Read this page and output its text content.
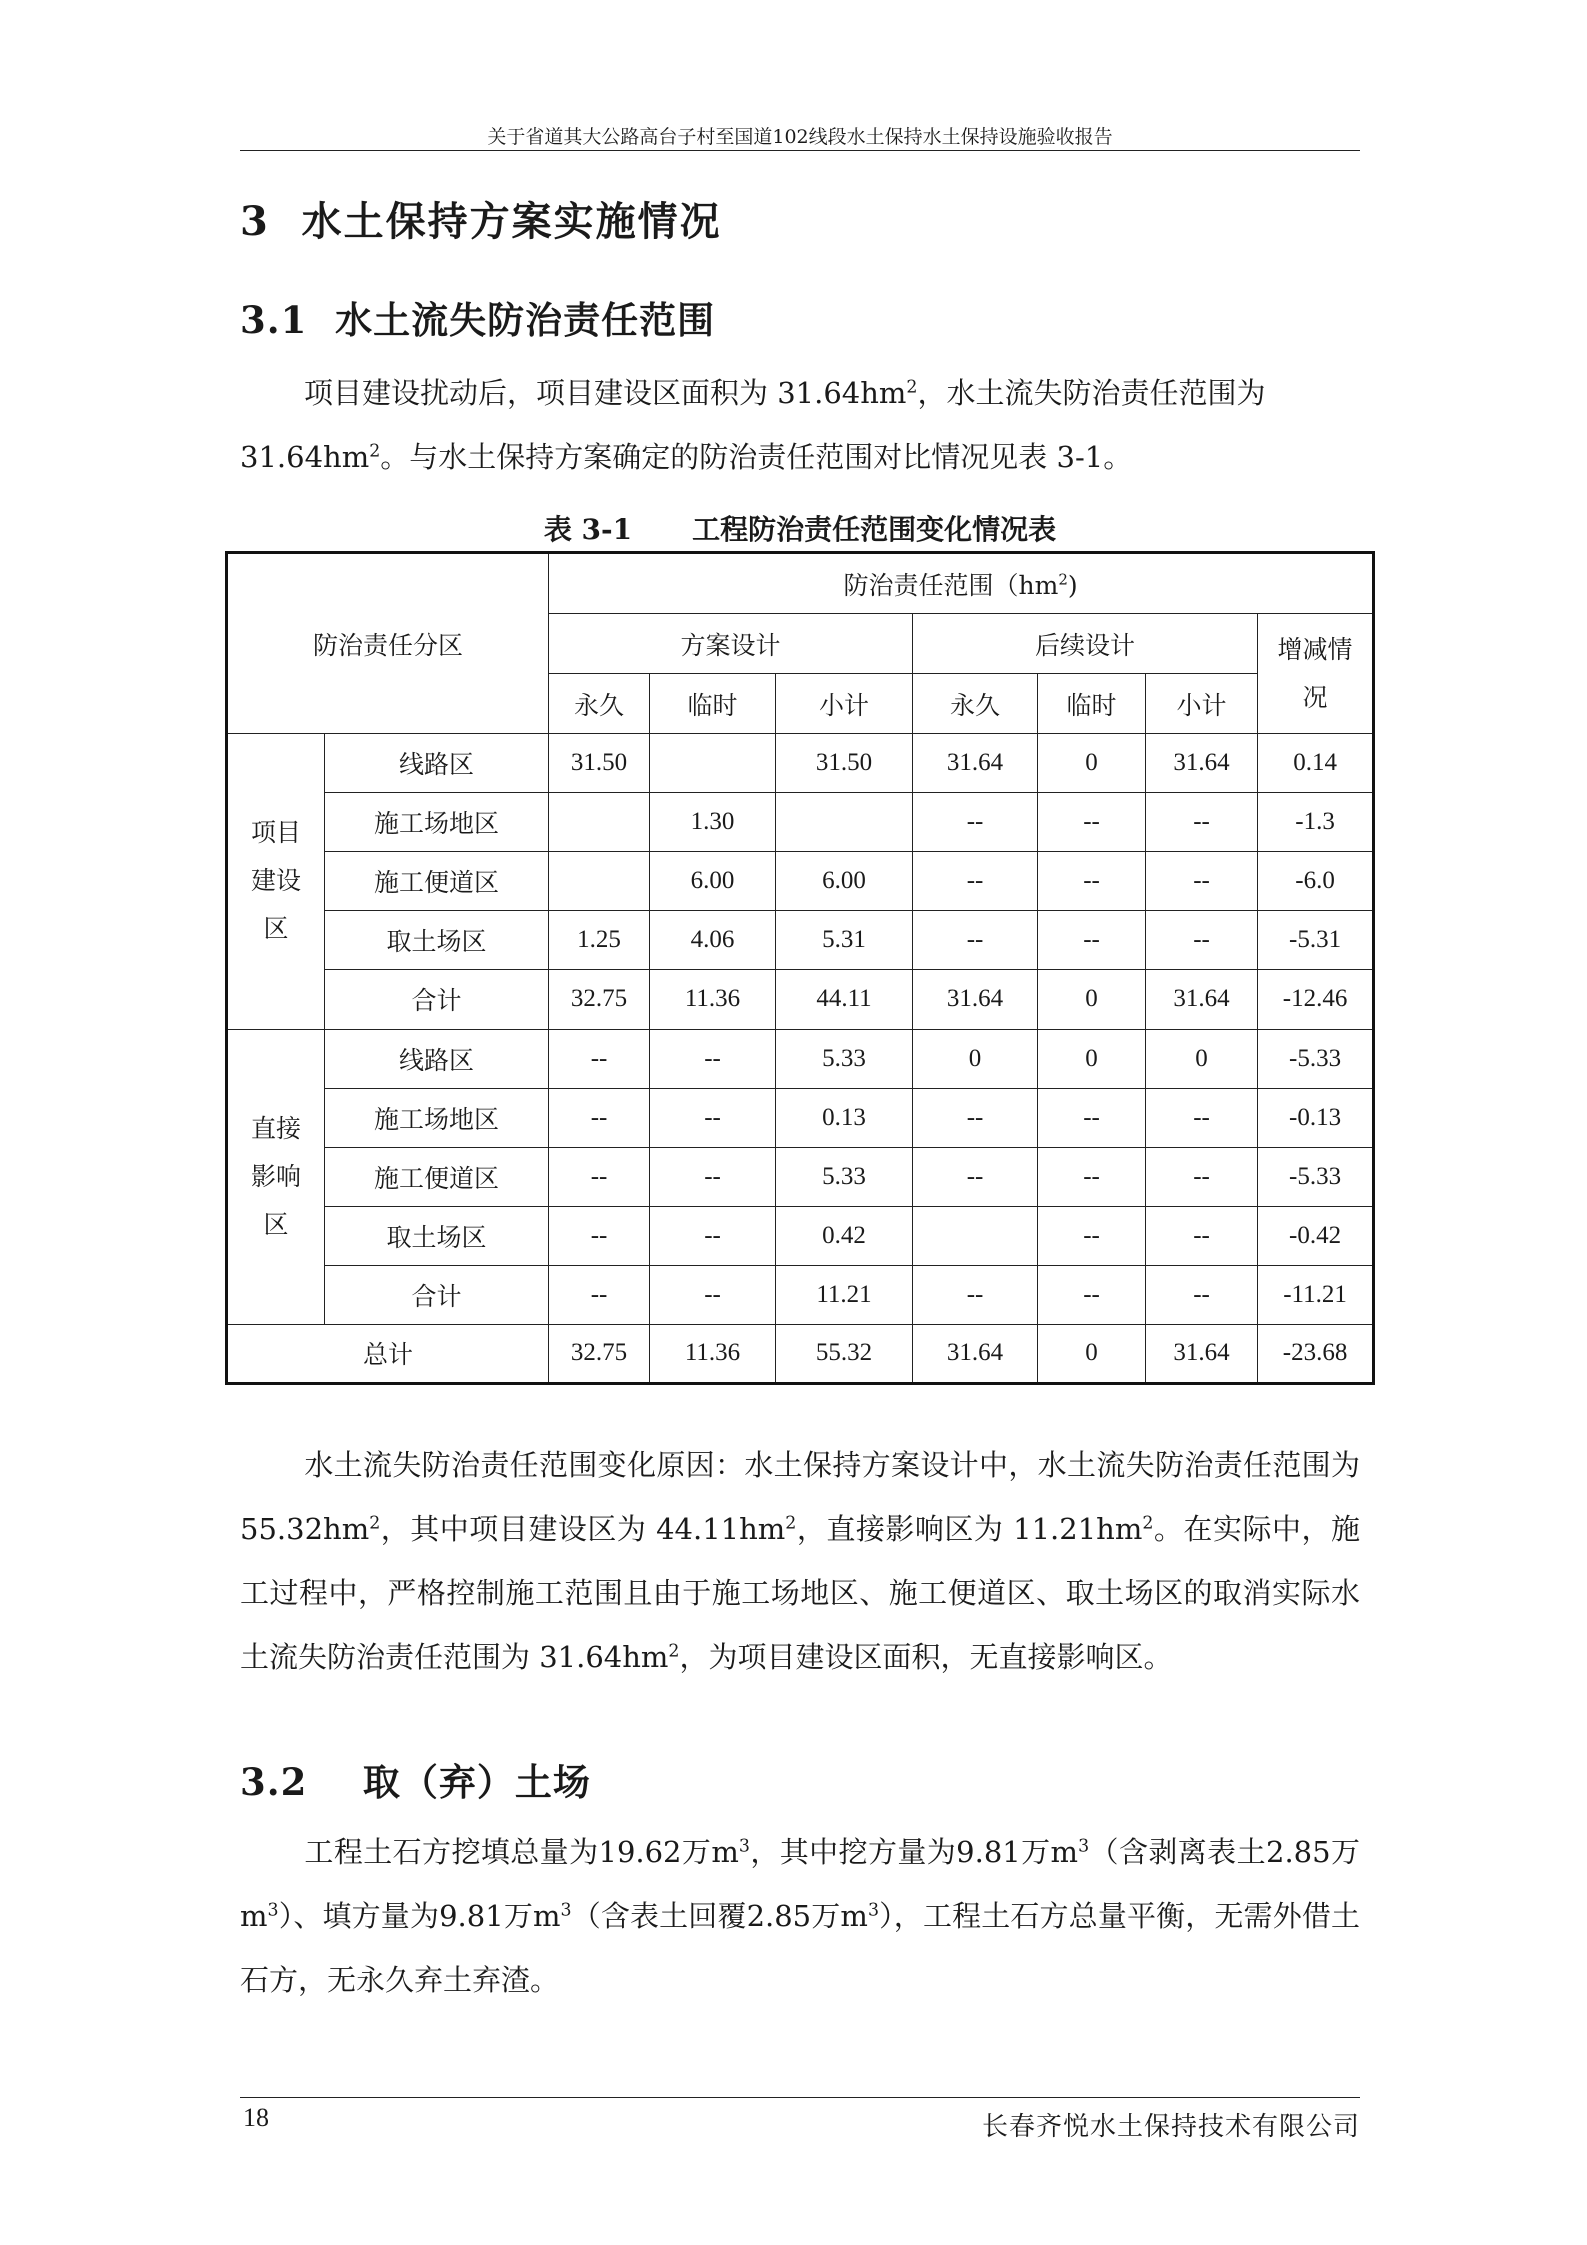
关于省道其大公路高台子村至国道102线段水土保持水土保持设施验收报告
3  水土保持方案实施情况
3.1  水土流失防治责任范围
项目建设扰动后，项目建设区面积为 $31.64hm^2$，水土流失防治责任范围为
$31.64hm^2$。与水土保持方案确定的防治责任范围对比情况见表 3-1。
表 3-1 工程防治责任范围变化情况表
防治责任分区		防治责任范围$(hm^2)$						
		方案设计			后续设计			增减情况
		永久	临时	小计	永久	临时	小计	
项目建设区	线路区	31.50		31.50	31.64	0	31.64	0.14
	施工场地区		1.30		--	--	--	-1.3
	施工便道区		6.00	6.00	--	--	--	-6.0
	取土场区	1.25	4.06	5.31	--	--	--	-5.31
	合计	32.75	11.36	44.11	31.64	0	31.64	-12.46
直接影响区	线路区	--	--	5.33	0	0	0	-5.33
	施工场地区	--	--	0.13	--	--	--	-0.13
	施工便道区	--	--	5.33	--	--	--	-5.33
	取土场区	--	--	0.42		--	--	-0.42
	合计	--	--	11.21	--	--	--	-11.21
总计		32.75	11.36	55.32	31.64	0	31.64	-23.68
水土流失防治责任范围变化原因：水土保持方案设计中，水土流失防治责任范围为 $55.32hm^2$，其中项目建设区为 $44.11hm^2$，直接影响区为 $11.21hm^2$。在实际中，施工过程中，严格控制施工范围且由于施工场地区、施工便道区、取土场区的取消实际水土流失防治责任范围为 $31.64hm^2$，为项目建设区面积，无直接影响区。
3.2    取（弃）土场
工程土石方挖填总量为19.62万$m^3$，其中挖方量为9.81万$m^3$（含剥离表土2.85万$m^3$）、填方量为9.81万$m^3$（含表土回覆2.85万$m^3$），工程土石方总量平衡，无需外借土石方，无永久弃土弃渣。
18	长春齐悦水土保持技术有限公司
